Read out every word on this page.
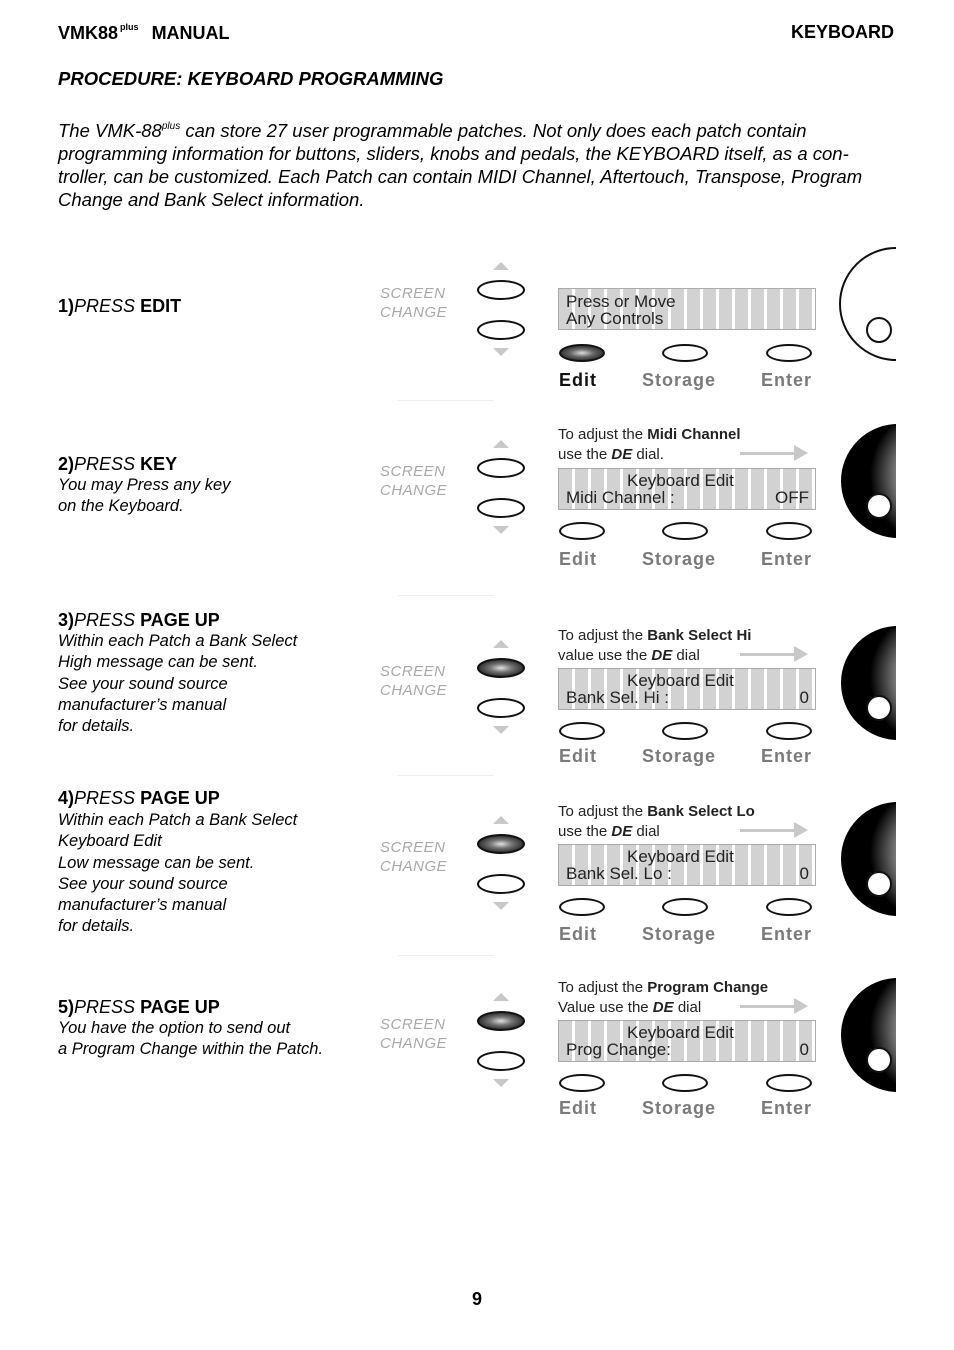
VMK88 $^{plus}$ MANUAL	KEYBOARD
PROCEDURE: KEYBOARD PROGRAMMING
The VMK-$88^{plus}$ can store 27 user programmable patches. Not only does each patch contain
programming information for buttons, sliders, knobs and pedals, the KEYBOARD itself, as a con-
troller, can be customized. Each Patch can contain MIDI Channel, Aftertouch, Transpose, Program
Change and Bank Select information.
1)PRESS EDIT
SCREEN
CHANGE
Press or Move
Any Controls
Edit	Storage Enter
2)PRESS KEY
You may Press any key
on the Keyboard.
SCREEN
CHANGE
To adjust the Midi Channel
use the DE dial.
Keyboard Edit
Midi Channel :	OFF
Edit	Storage Enter
3)PRESS PAGE UP
Within each Patch a Bank Select
High message can be sent.
See your sound source
manufacturer’s manual
for details.
SCREEN
CHANGE
To adjust the Bank Select Hi
value use the DE dial
Keyboard Edit
Bank Sel. Hi :	0
Edit	Storage Enter
4)PRESS PAGE UP
Within each Patch a Bank Select
Keyboard Edit
Low message can be sent.
See your sound source
manufacturer’s manual
for details.
SCREEN
CHANGE
To adjust the Bank Select Lo
use the DE dial
Keyboard Edit
Bank Sel. Lo :	0
Edit	Storage Enter
5)PRESS PAGE UP
You have the option to send out
a Program Change within the Patch.
SCREEN
CHANGE
To adjust the Program Change
Value use the DE dial
Keyboard Edit
Prog Change:	0
Edit	Storage Enter
9
